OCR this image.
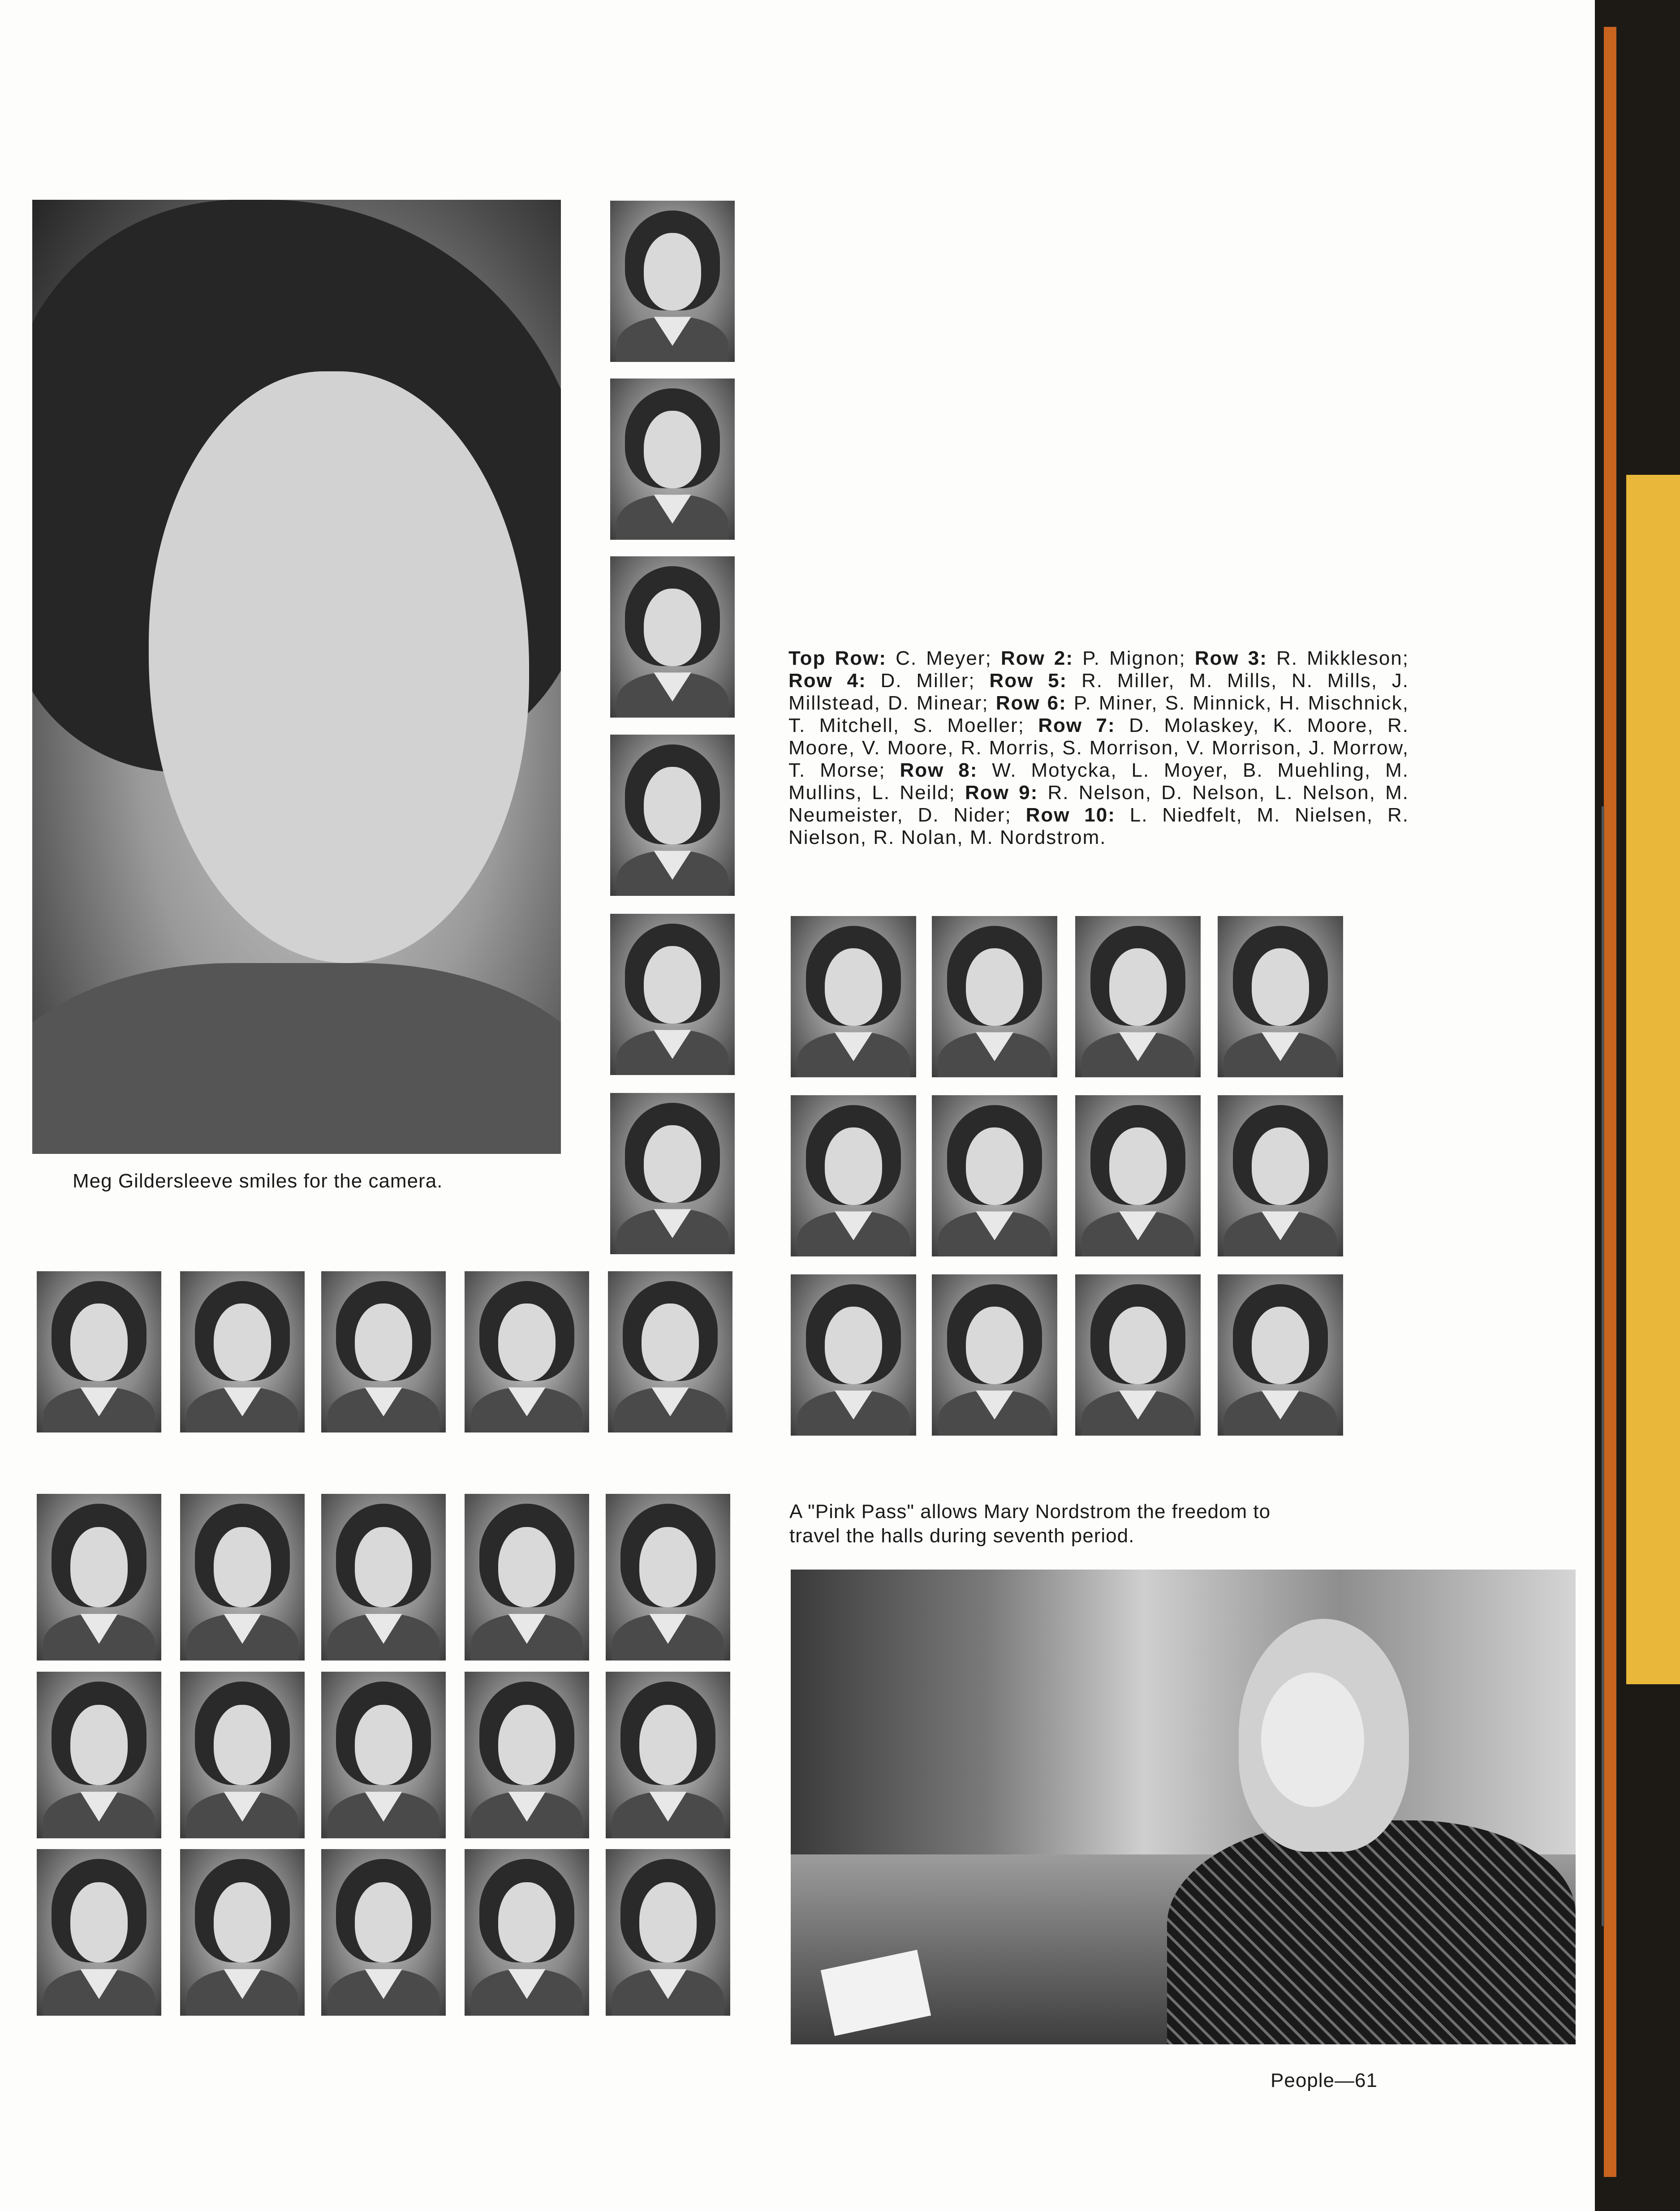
Meg Gildersleeve smiles for the camera.
Top Row: C. Meyer; Row 2: P. Mignon; Row 3: R. Mikkleson; Row 4: D. Miller; Row 5: R. Miller, M. Mills, N. Mills, J. Millstead, D. Minear; Row 6: P. Miner, S. Minnick, H. Mischnick, T. Mitchell, S. Moeller; Row 7: D. Molaskey, K. Moore, R. Moore, V. Moore, R. Morris, S. Morrison, V. Morrison, J. Morrow, T. Morse; Row 8: W. Motycka, L. Moyer, B. Muehling, M. Mullins, L. Neild; Row 9: R. Nelson, D. Nelson, L. Nelson, M. Neumeister, D. Nider; Row 10: L. Niedfelt, M. Nielsen, R. Nielson, R. Nolan, M. Nordstrom.
A "Pink Pass" allows Mary Nordstrom the freedom to
travel the halls during seventh period.
People—61
